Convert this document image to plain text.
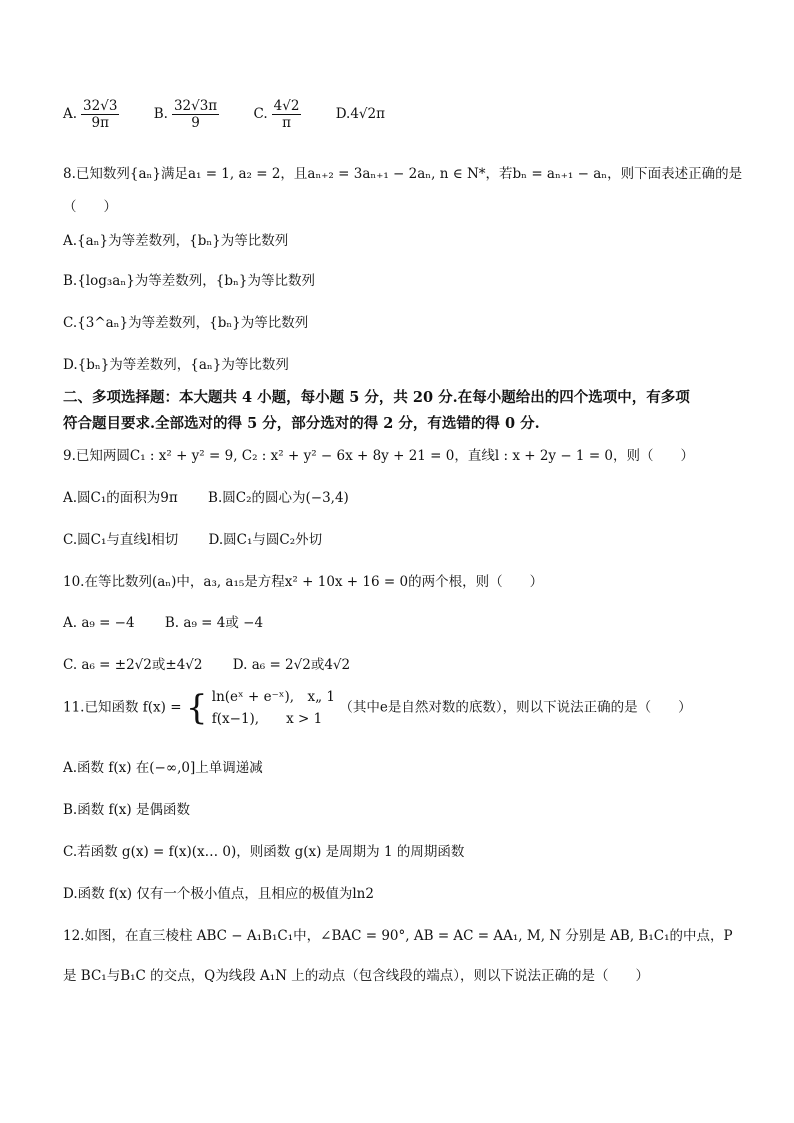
A. $\frac{32√3}{9\pi}$	B. $\frac{32√3\pi}{9}$	C. $\frac{4√2}{\pi}$	D.4√2π
8.已知数列{aₙ}满足a₁ = 1, a₂ = 2，且aₙ₊₂ = 3aₙ₊₁ − 2aₙ, n ∈ N*，若bₙ = aₙ₊₁ − aₙ，则下面表述正确的是
（　　）
A.{aₙ}为等差数列，{bₙ}为等比数列
B.{log₃aₙ}为等差数列，{bₙ}为等比数列
C.{3^aₙ}为等差数列，{bₙ}为等比数列
D.{bₙ}为等差数列，{aₙ}为等比数列
二、多项选择题：本大题共 4 小题，每小题 5 分，共 20 分.在每小题给出的四个选项中，有多项
符合题目要求.全部选对的得 5 分，部分选对的得 2 分，有选错的得 0 分.
9.已知两圆C₁ : x² + y² = 9, C₂ : x² + y² − 6x + 8y + 21 = 0，直线l : x + 2y − 1 = 0，则（　　）
A.圆C₁的面积为9π B.圆C₂的圆心为(−3,4)
C.圆C₁与直线l相切 D.圆C₁与圆C₂外切
10.在等比数列(aₙ)中，a₃, a₁₅是方程x² + 10x + 16 = 0的两个根，则（　　）
A. a₉ = −4 B. a₉ = 4或 −4
C. a₆ = ±2√2或±4√2 D. a₆ = 2√2或4√2
11.已知函数 f(x) = { ln(eˣ + e⁻ˣ),　x„ 1
f(x−1),　　x > 1
（其中e是自然对数的底数），则以下说法正确的是（　　）
A.函数 f(x) 在(−∞,0]上单调递减
B.函数 f(x) 是偶函数
C.若函数 g(x) = f(x)(x… 0)，则函数 g(x) 是周期为 1 的周期函数
D.函数 f(x) 仅有一个极小值点，且相应的极值为ln2
12.如图，在直三棱柱 ABC − A₁B₁C₁中，∠BAC = 90°, AB = AC = AA₁, M, N 分别是 AB, B₁C₁的中点，P
是 BC₁与B₁C 的交点，Q为线段 A₁N 上的动点（包含线段的端点），则以下说法正确的是（　　）
